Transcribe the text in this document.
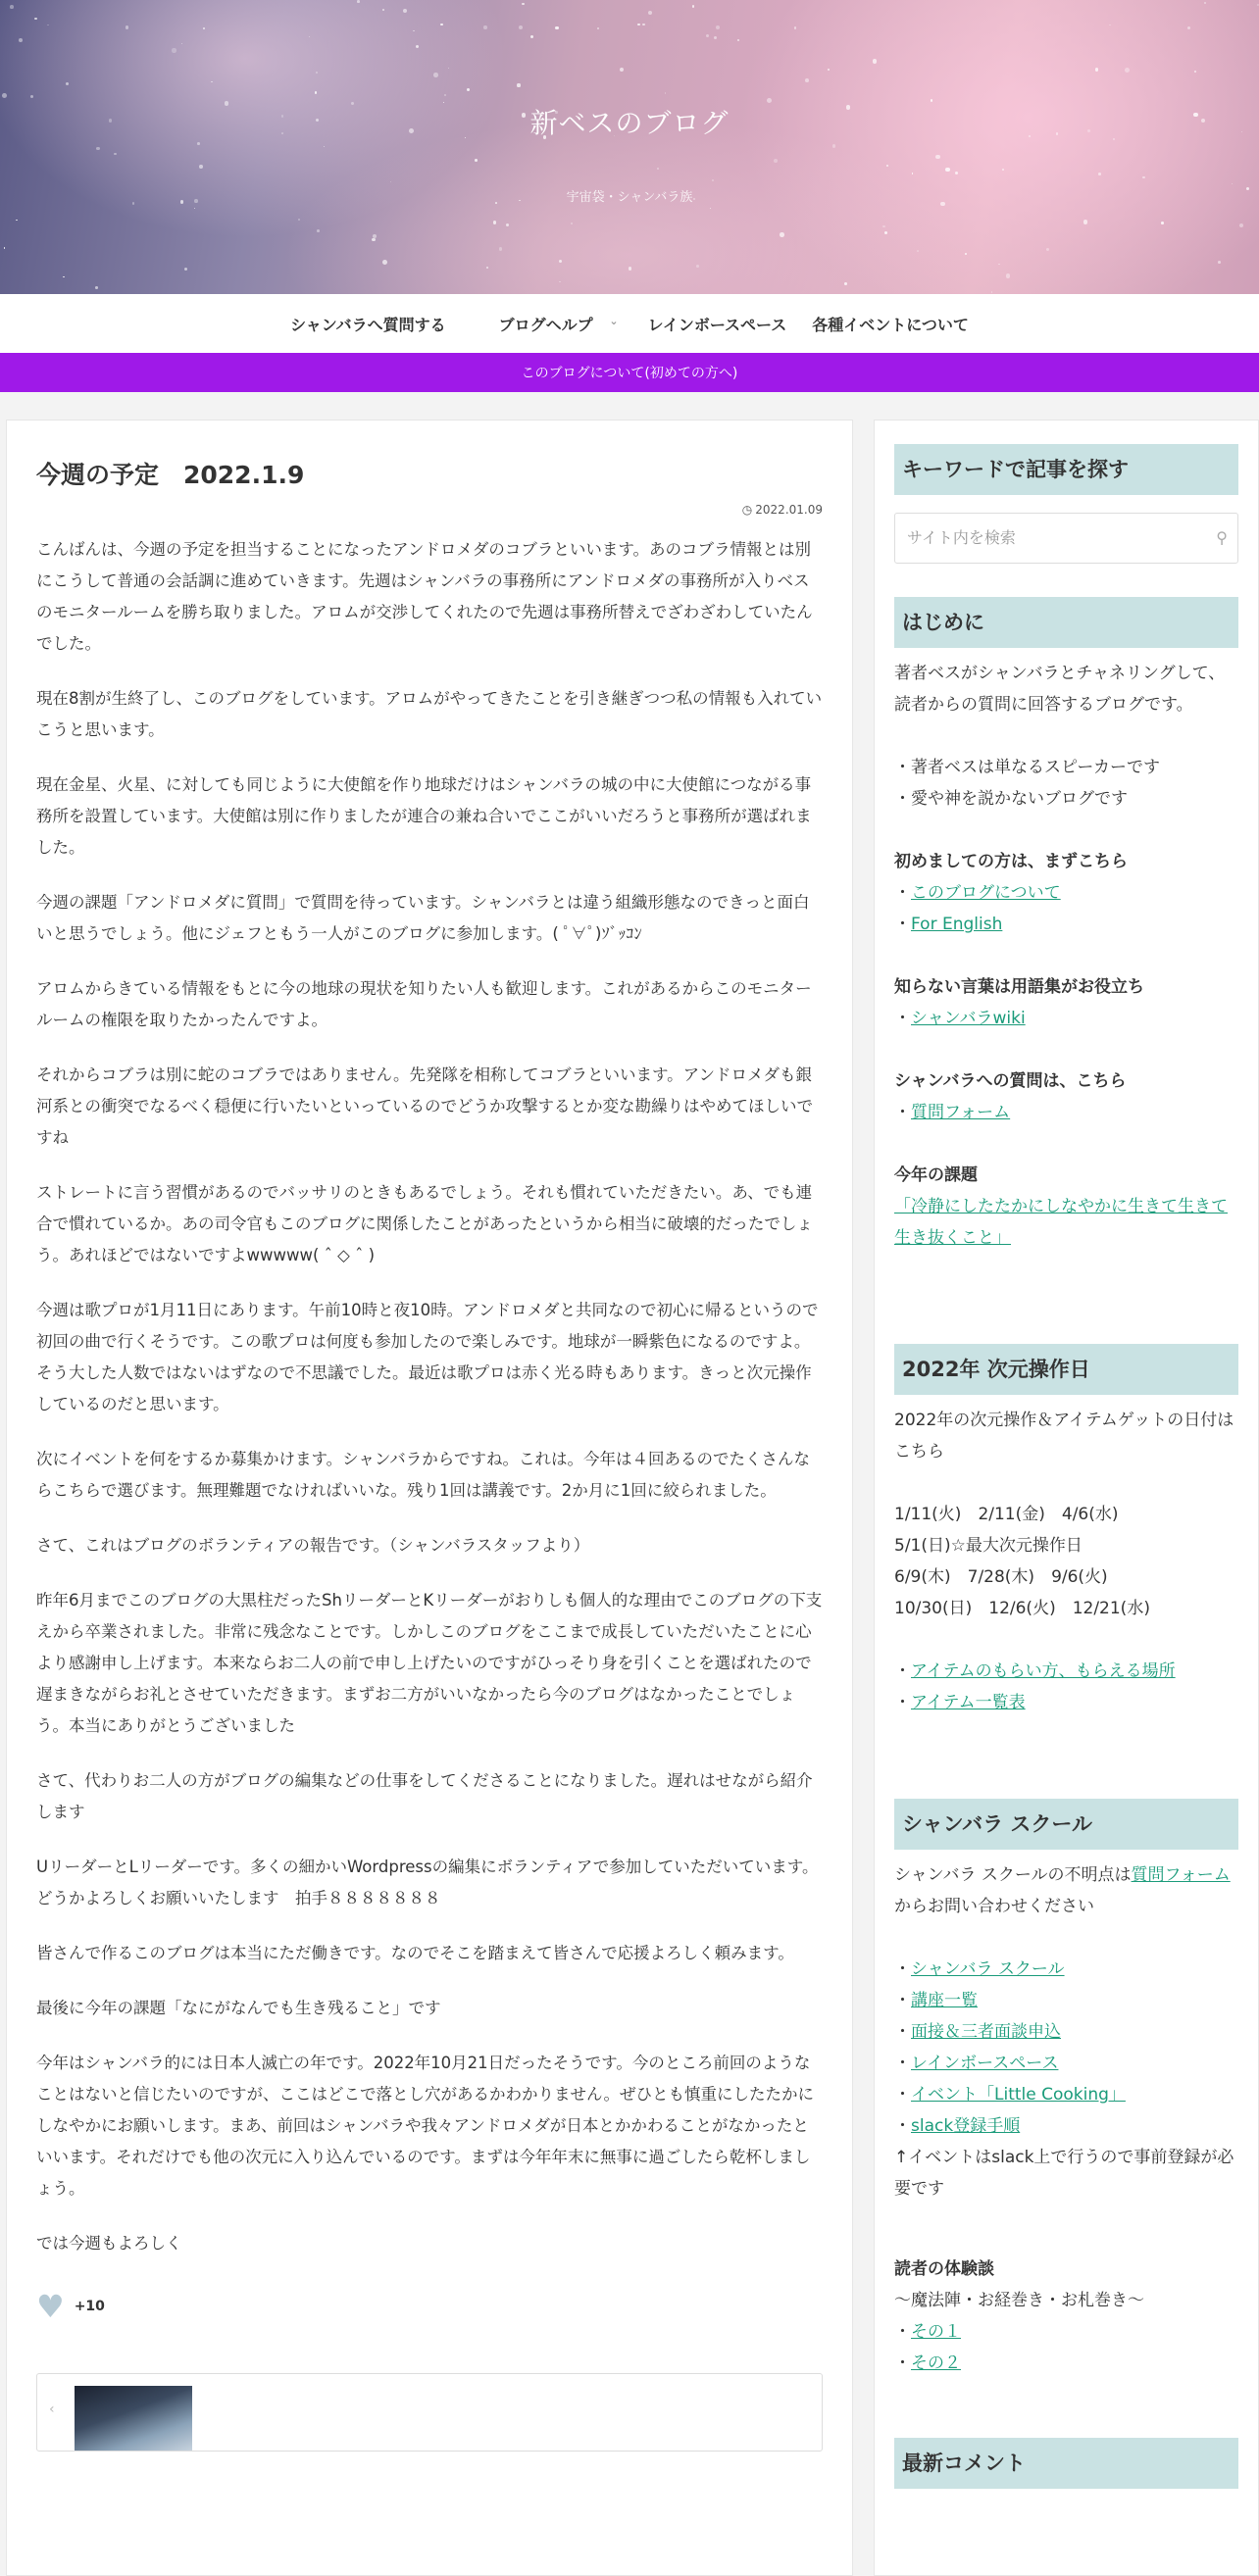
新ベスのブログ
宇宙袋・シャンバラ族
シャンバラへ質問する	ブログヘルプ ⌄	レインボースペース	各種イベントについて
このブログについて(初めての方へ)
今週の予定　2022.1.9
◷ 2022.01.09

こんばんは、今週の予定を担当することになったアンドロメダのコブラといいます。あのコブラ情報とは別にこうして普通の会話調に進めていきます。先週はシャンバラの事務所にアンドロメダの事務所が入りベスのモニタールームを勝ち取りました。アロムが交渉してくれたので先週は事務所替えでざわざわしていたんでした。

現在8割が生終了し、このブログをしています。アロムがやってきたことを引き継ぎつつ私の情報も入れていこうと思います。

現在金星、火星、に対しても同じように大使館を作り地球だけはシャンバラの城の中に大使館につながる事務所を設置しています。大使館は別に作りましたが連合の兼ね合いでここがいいだろうと事務所が選ばれました。

今週の課題「アンドロメダに質問」で質問を待っています。シャンバラとは違う組織形態なのできっと面白いと思うでしょう。他にジェフともう一人がこのブログに参加します。( ﾟ∀ﾟ)ｿﾞｯｺﾝ

アロムからきている情報をもとに今の地球の現状を知りたい人も歓迎します。これがあるからこのモニタールームの権限を取りたかったんですよ。

それからコブラは別に蛇のコブラではありません。先発隊を相称してコブラといいます。アンドロメダも銀河系との衝突でなるべく穏便に行いたいといっているのでどうか攻撃するとか変な勘繰りはやめてほしいですね

ストレートに言う習慣があるのでバッサリのときもあるでしょう。それも慣れていただきたい。あ、でも連合で慣れているか。あの司令官もこのブログに関係したことがあったというから相当に破壊的だったでしょう。あれほどではないですよwwwww( ˆ ◇ ˆ )

今週は歌プロが1月11日にあります。午前10時と夜10時。アンドロメダと共同なので初心に帰るというので初回の曲で行くそうです。この歌プロは何度も参加したので楽しみです。地球が一瞬紫色になるのですよ。そう大した人数ではないはずなので不思議でした。最近は歌プロは赤く光る時もあります。きっと次元操作しているのだと思います。

次にイベントを何をするか募集かけます。シャンバラからですね。これは。今年は４回あるのでたくさんならこちらで選びます。無理難題でなければいいな。残り1回は講義です。2か月に1回に絞られました。

さて、これはブログのボランティアの報告です。（シャンバラスタッフより）

昨年6月までこのブログの大黒柱だったShリーダーとKリーダーがおりしも個人的な理由でこのブログの下支えから卒業されました。非常に残念なことです。しかしこのブログをここまで成長していただいたことに心より感謝申し上げます。本来ならお二人の前で申し上げたいのですがひっそり身を引くことを選ばれたので遅まきながらお礼とさせていただきます。まずお二方がいいなかったら今のブログはなかったことでしょう。本当にありがとうございました

さて、代わりお二人の方がブログの編集などの仕事をしてくださることになりました。遅れはせながら紹介します

UリーダーとLリーダーです。多くの細かいWordpressの編集にボランティアで参加していただいています。どうかよろしくお願いいたします　拍手８８８８８８８

皆さんで作るこのブログは本当にただ働きです。なのでそこを踏まえて皆さんで応援よろしく頼みます。

最後に今年の課題「なにがなんでも生き残ること」です

今年はシャンバラ的には日本人滅亡の年です。2022年10月21日だったそうです。今のところ前回のようなことはないと信じたいのですが、ここはどこで落とし穴があるかわかりません。ぜひとも慎重にしたたかにしなやかにお願いします。まあ、前回はシャンバラや我々アンドロメダが日本とかかわることがなかったといいます。それだけでも他の次元に入り込んでいるのです。まずは今年年末に無事に過ごしたら乾杯しましょう。

では今週もよろしく

♥ +10
‹
キーワードで記事を探す
サイト内を検索	⚲
はじめに
著者ベスがシャンバラとチャネリングして、読者からの質問に回答するブログです。
・著者ベスは単なるスピーカーです
・愛や神を説かないブログです
初めましての方は、まずこちら
・このブログについて
・For English
知らない言葉は用語集がお役立ち
・シャンバラwiki
シャンバラへの質問は、こちら
・質問フォーム
今年の課題
「冷静にしたたかにしなやかに生きて生きて生き抜くこと」
2022年 次元操作日
2022年の次元操作＆アイテムゲットの日付はこちら
1/11(火)　2/11(金)　4/6(水)
5/1(日)☆最大次元操作日
6/9(木)　7/28(木)　9/6(火)
10/30(日)　12/6(火)　12/21(水)
・アイテムのもらい方、もらえる場所
・アイテム一覧表
シャンバラ スクール
シャンバラ スクールの不明点は質問フォームからお問い合わせください
・シャンバラ スクール
・講座一覧
・面接＆三者面談申込
・レインボースペース
・イベント「Little Cooking」
・slack登録手順
↑イベントはslack上で行うので事前登録が必要です
読者の体験談
〜魔法陣・お経巻き・お札巻き〜
・その１
・その２
最新コメント
